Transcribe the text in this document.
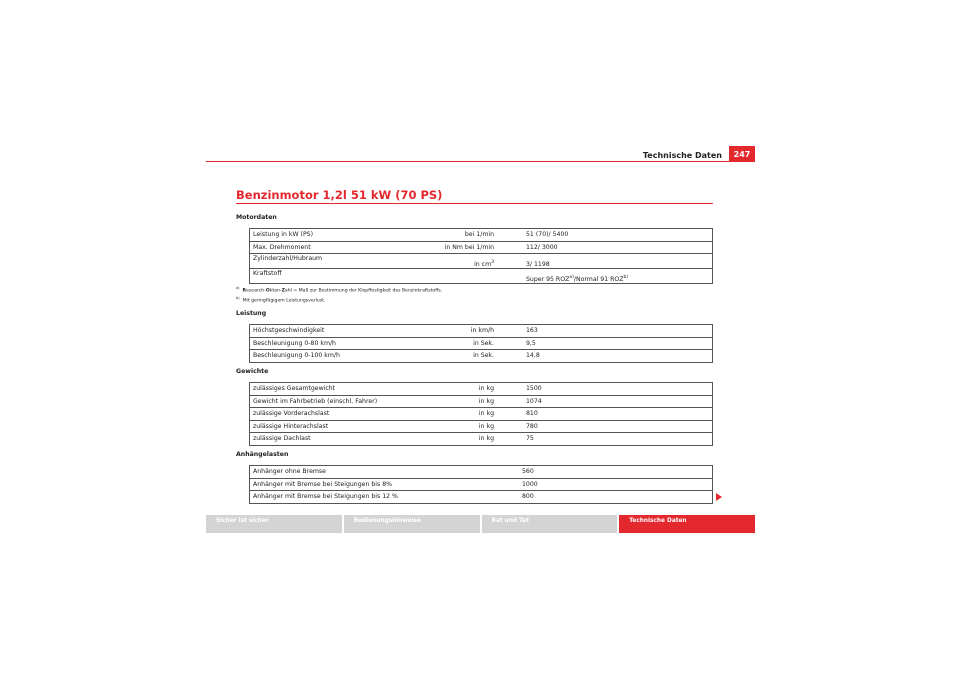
Technische Daten	247
Benzinmotor 1,2l 51 kW (70 PS)
Motordaten
Leistung in kW (PS)	bei 1/min	51 (70)/ 5400
Max. Drehmoment	in Nm bei 1/min	112/ 3000
Zylinderzahl/Hubraum	in $cm^3$	3/ 1198
Kraftstoff		Super 95 ROZ$^{a)}$/Normal 91 ROZ$^{b)}$
$^{a)}$Research-Oktan-Zahl = Maß zur Bestimmung der Klopffestigkeit des Benzinkraftstoffs.
$^{b)}$Mit geringfügigem Leistungsverlust.
Leistung
Höchstgeschwindigkeit	in km/h	163
Beschleunigung 0-80 km/h	in Sek.	9,5
Beschleunigung 0-100 km/h	in Sek.	14,8
Gewichte
zulässiges Gesamtgewicht	in kg	1500
Gewicht im Fahrbetrieb (einschl. Fahrer)	in kg	1074
zulässige Vorderachslast	in kg	810
zulässige Hinterachslast	in kg	780
zulässige Dachlast	in kg	75
Anhängelasten
Anhänger ohne Bremse	560
Anhänger mit Bremse bei Steigungen bis 8%	1000
Anhänger mit Bremse bei Steigungen bis 12 %	800
Sicher ist sicher	Bedienungshinweise	Rat und Tat	Technische Daten
